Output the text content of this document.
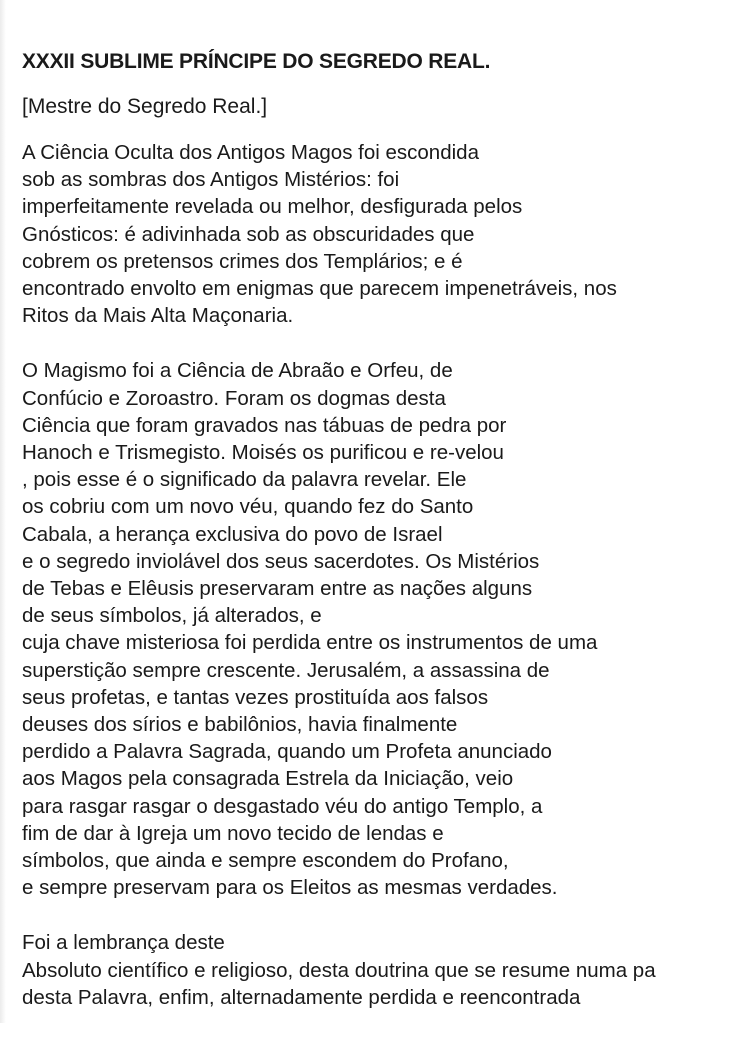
XXXII SUBLIME PRÍNCIPE DO SEGREDO REAL.
[Mestre do Segredo Real.]
A Ciência Oculta dos Antigos Magos foi escondida
sob as sombras dos Antigos Mistérios: foi
imperfeitamente revelada ou melhor, desfigurada pelos
Gnósticos: é adivinhada sob as obscuridades que
cobrem os pretensos crimes dos Templários; e é
encontrado envolto em enigmas que parecem impenetráveis, nos
Ritos da Mais Alta Maçonaria.
O Magismo foi a Ciência de Abraão e Orfeu, de
Confúcio e Zoroastro. Foram os dogmas desta
Ciência que foram gravados nas tábuas de pedra por
Hanoch e Trismegisto. Moisés os purificou e re-velou
, pois esse é o significado da palavra revelar. Ele
os cobriu com um novo véu, quando fez do Santo
Cabala, a herança exclusiva do povo de Israel
e o segredo inviolável dos seus sacerdotes. Os Mistérios
de Tebas e Elêusis preservaram entre as nações alguns
de seus símbolos, já alterados, e
cuja chave misteriosa foi perdida entre os instrumentos de uma
superstição sempre crescente. Jerusalém, a assassina de
seus profetas, e tantas vezes prostituída aos falsos
deuses dos sírios e babilônios, havia finalmente
perdido a Palavra Sagrada, quando um Profeta anunciado
aos Magos pela consagrada Estrela da Iniciação, veio
para rasgar rasgar o desgastado véu do antigo Templo, a
fim de dar à Igreja um novo tecido de lendas e
símbolos, que ainda e sempre escondem do Profano,
e sempre preservam para os Eleitos as mesmas verdades.
Foi a lembrança deste
Absoluto científico e religioso, desta doutrina que se resume numa pa
desta Palavra, enfim, alternadamente perdida e reencontrada
